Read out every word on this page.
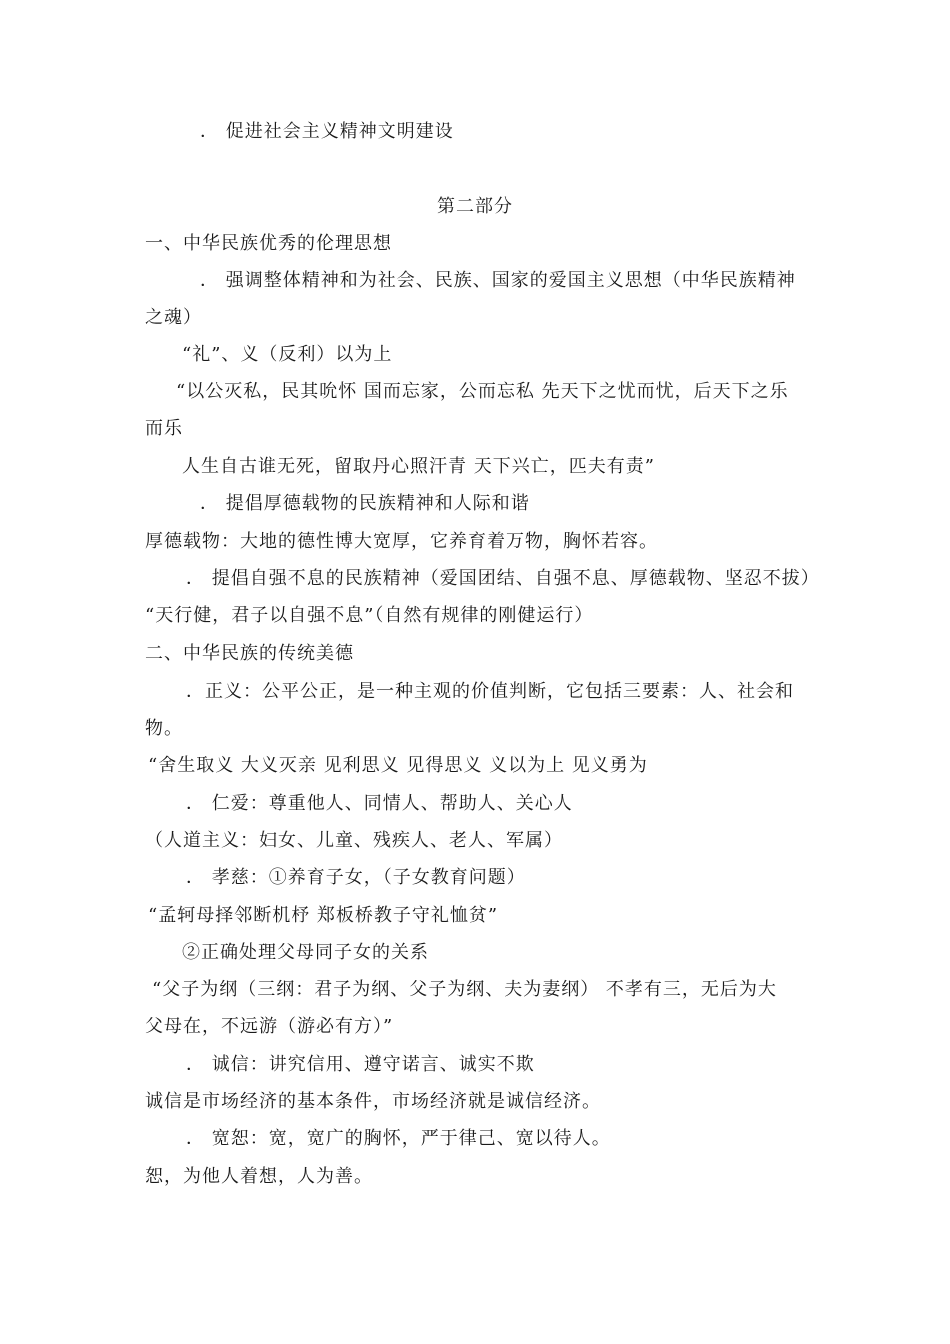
． 促进社会主义精神文明建设
第二部分
一、中华民族优秀的伦理思想
． 强调整体精神和为社会、民族、国家的爱国主义思想（中华民族精神
之魂）
“礼”、义（反利）以为上
“以公灭私，民其吮怀 国而忘家，公而忘私 先天下之忧而忧，后天下之乐
而乐
人生自古谁无死，留取丹心照汗青 天下兴亡，匹夫有责”
． 提倡厚德载物的民族精神和人际和谐
厚德载物：大地的德性博大宽厚，它养育着万物，胸怀若容。
． 提倡自强不息的民族精神（爱国团结、自强不息、厚德载物、坚忍不拔）
“天行健，君子以自强不息”（自然有规律的刚健运行）
二、中华民族的传统美德
．正义：公平公正，是一种主观的价值判断，它包括三要素：人、社会和
物。
“舍生取义 大义灭亲 见利思义 见得思义 义以为上 见义勇为
． 仁爱：尊重他人、同情人、帮助人、关心人
（人道主义：妇女、儿童、残疾人、老人、军属）
． 孝慈：①养育子女，（子女教育问题）
“孟轲母择邻断机杼 郑板桥教子守礼恤贫”
②正确处理父母同子女的关系
“父子为纲（三纲：君子为纲、父子为纲、夫为妻纲） 不孝有三，无后为大
父母在，不远游（游必有方）”
． 诚信：讲究信用、遵守诺言、诚实不欺
诚信是市场经济的基本条件，市场经济就是诚信经济。
． 宽恕：宽，宽广的胸怀，严于律己、宽以待人。
恕，为他人着想，人为善。
